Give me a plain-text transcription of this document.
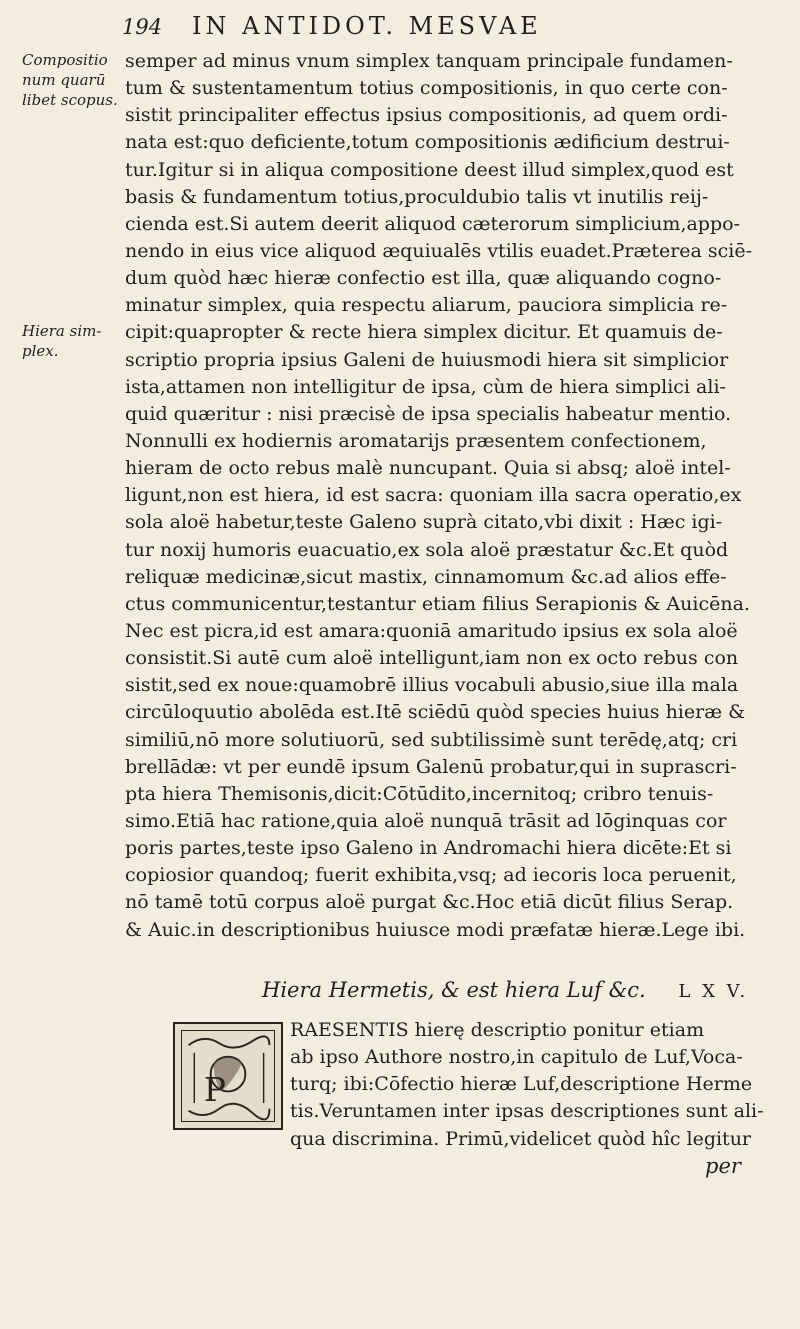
194	IN ANTIDOT. MESVAE
Compositio
num quarū
libet scopus.
Hiera sim-
plex.
semper ad minus vnum simplex tanquam principale fundamen-
tum & sustentamentum totius compositionis, in quo certe con-
sistit principaliter effectus ipsius compositionis, ad quem ordi-
nata est:quo deficiente,totum compositionis ædificium destrui-
tur.Igitur si in aliqua compositione deest illud simplex,quod est
basis & fundamentum totius,proculdubio talis vt inutilis reij-
cienda est.Si autem deerit aliquod cæterorum simplicium,appo-
nendo in eius vice aliquod æquiualēs vtilis euadet.Præterea sciē-
dum quòd hæc hieræ confectio est illa, quæ aliquando cogno-
minatur simplex, quia respectu aliarum, pauciora simplicia re-
cipit:quapropter & recte hiera simplex dicitur. Et quamuis de-
scriptio propria ipsius Galeni de huiusmodi hiera sit simplicior
ista,attamen non intelligitur de ipsa, cùm de hiera simplici ali-
quid quæritur : nisi præcisè de ipsa specialis habeatur mentio.
Nonnulli ex hodiernis aromatarijs præsentem confectionem,
hieram de octo rebus malè nuncupant. Quia si absq; aloë intel-
ligunt,non est hiera, id est sacra: quoniam illa sacra operatio,ex
sola aloë habetur,teste Galeno suprà citato,vbi dixit : Hæc igi-
tur noxij humoris euacuatio,ex sola aloë præstatur &c.Et quòd
reliquæ medicinæ,sicut mastix, cinnamomum &c.ad alios effe-
ctus communicentur,testantur etiam filius Serapionis & Auicēna.
Nec est picra,id est amara:quoniā amaritudo ipsius ex sola aloë
consistit.Si autē cum aloë intelligunt,iam non ex octo rebus con
sistit,sed ex noue:quamobrē illius vocabuli abusio,siue illa mala
circūloquutio abolēda est.Itē sciēdū quòd species huius hieræ &
similiū,nō more solutiuorū, sed subtilissimè sunt terēdę,atq; cri
brellādæ: vt per eundē ipsum Galenū probatur,qui in suprascri-
pta hiera Themisonis,dicit:Cōtūdito,incernitoq; cribro tenuis-
simo.Etiā hac ratione,quia aloë nunquā trāsit ad lōginquas cor
poris partes,teste ipso Galeno in Andromachi hiera dicēte:Et si
copiosior quandoq; fuerit exhibita,vsq; ad iecoris loca peruenit,
nō tamē totū corpus aloë purgat &c.Hoc etiā dicūt filius Serap.
& Auic.in descriptionibus huiusce modi præfatæ hieræ.Lege ibi.
Hiera Hermetis, & est hiera Luf &c. L X V.
P
RAESENTIS hierę descriptio ponitur etiam
ab ipso Authore nostro,in capitulo de Luf,Voca-
turq; ibi:Cōfectio hieræ Luf,descriptione Herme
tis.Veruntamen inter ipsas descriptiones sunt ali-
qua discrimina. Primū,videlicet quòd hîc legitur
per
